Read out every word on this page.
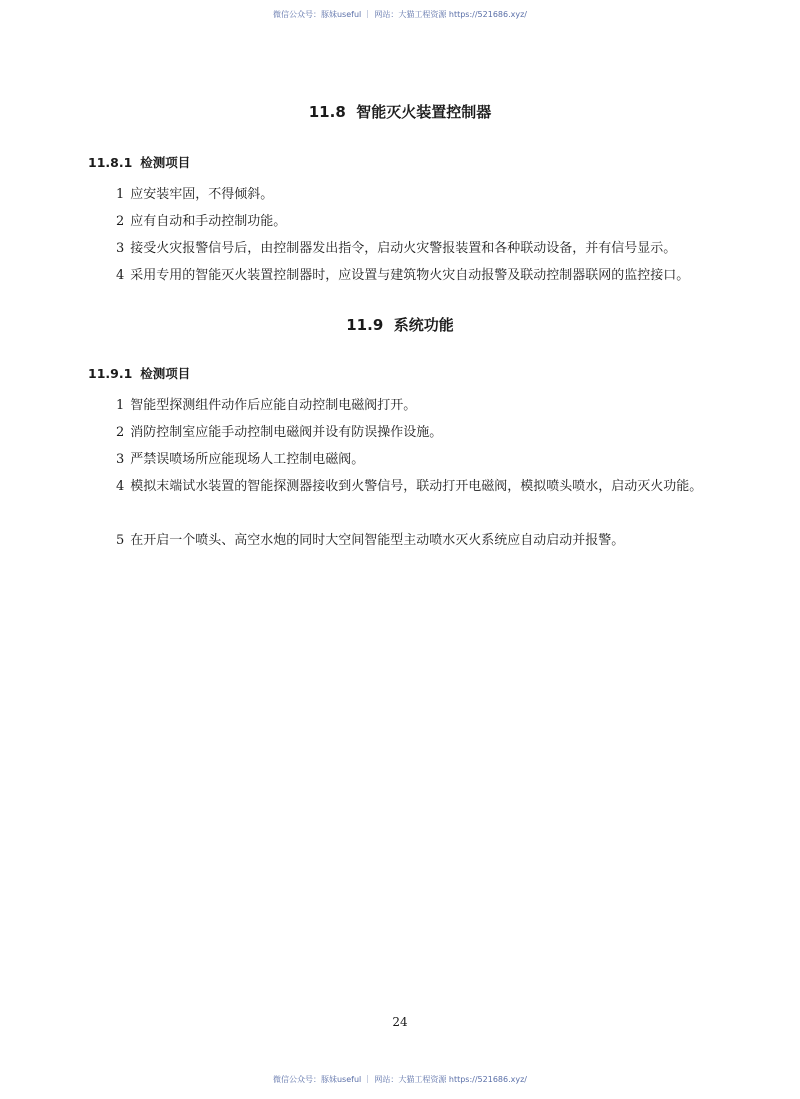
微信公众号：豚妹useful ｜ 网站：大猫工程资源 https://521686.xyz/
11.8 智能灭火装置控制器
11.8.1 检测项目
1 应安装牢固，不得倾斜。
2 应有自动和手动控制功能。
3 接受火灾报警信号后，由控制器发出指令，启动火灾警报装置和各种联动设备，并有信号显示。
4 采用专用的智能灭火装置控制器时，应设置与建筑物火灾自动报警及联动控制器联网的监控接口。
11.9 系统功能
11.9.1 检测项目
1 智能型探测组件动作后应能自动控制电磁阀打开。
2 消防控制室应能手动控制电磁阀并设有防误操作设施。
3 严禁误喷场所应能现场人工控制电磁阀。
4 模拟末端试水装置的智能探测器接收到火警信号，联动打开电磁阀，模拟喷头喷水，启动灭火功能。
5 在开启一个喷头、高空水炮的同时大空间智能型主动喷水灭火系统应自动启动并报警。
24
微信公众号：豚妹useful ｜ 网站：大猫工程资源 https://521686.xyz/
